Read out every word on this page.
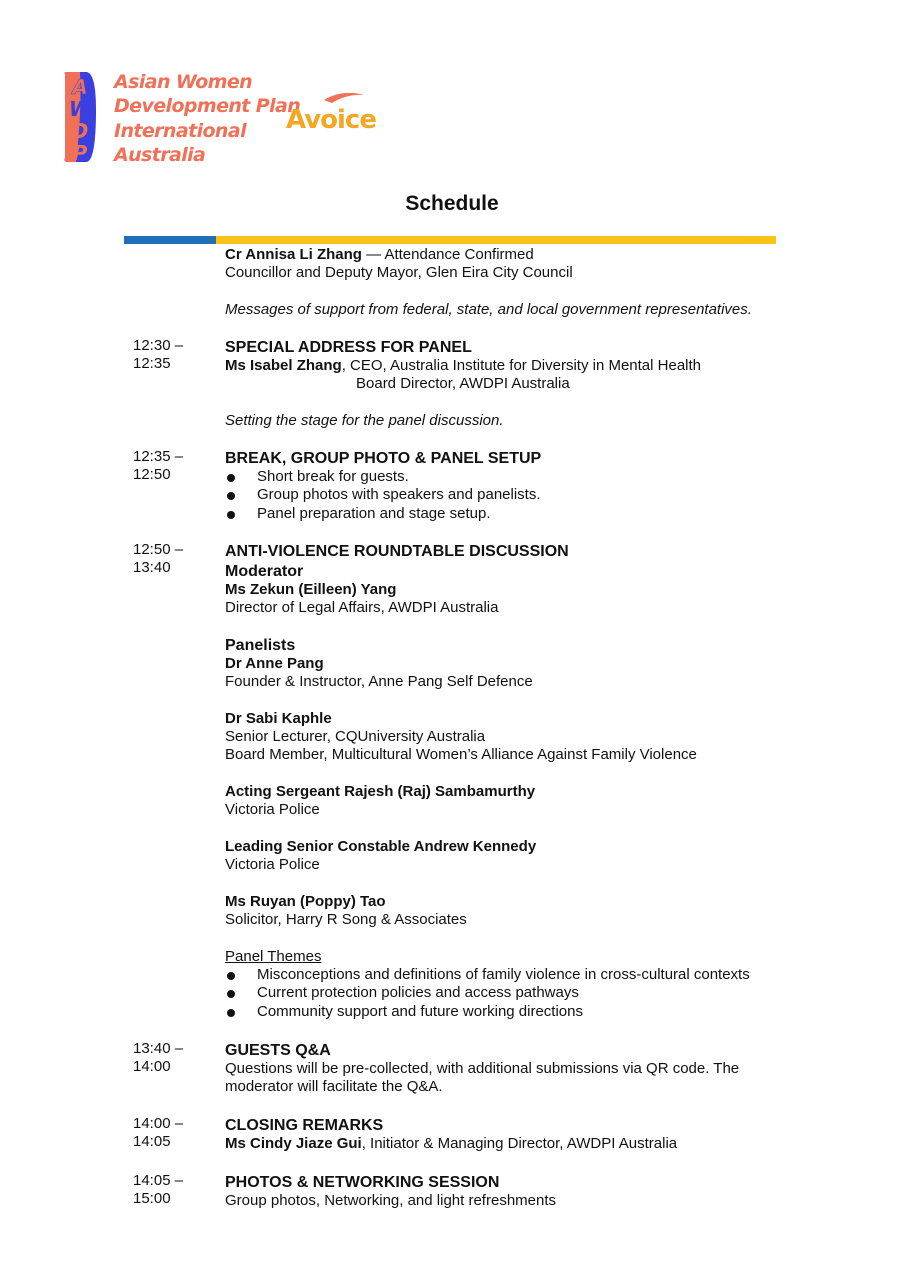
A
W
D
P
Asian Women
Development Plan
International
Australia
Avoice
Schedule
Cr Annisa Li Zhang — Attendance Confirmed
Councillor and Deputy Mayor, Glen Eira City Council
Messages of support from federal, state, and local government representatives.
12:30 –
12:35
SPECIAL ADDRESS FOR PANEL
Ms Isabel Zhang, CEO, Australia Institute for Diversity in Mental Health
Board Director, AWDPI Australia
Setting the stage for the panel discussion.
12:35 –
12:50
BREAK, GROUP PHOTO & PANEL SETUP
Short break for guests.
Group photos with speakers and panelists.
Panel preparation and stage setup.
12:50 –
13:40
ANTI-VIOLENCE ROUNDTABLE DISCUSSION
Moderator
Ms Zekun (Eilleen) Yang
Director of Legal Affairs, AWDPI Australia
Panelists
Dr Anne Pang
Founder & Instructor, Anne Pang Self Defence
Dr Sabi Kaphle
Senior Lecturer, CQUniversity Australia
Board Member, Multicultural Women’s Alliance Against Family Violence
Acting Sergeant Rajesh (Raj) Sambamurthy
Victoria Police
Leading Senior Constable Andrew Kennedy
Victoria Police
Ms Ruyan (Poppy) Tao
Solicitor, Harry R Song & Associates
Panel Themes
Misconceptions and definitions of family violence in cross-cultural contexts
Current protection policies and access pathways
Community support and future working directions
13:40 –
14:00
GUESTS Q&A
Questions will be pre-collected, with additional submissions via QR code. The
moderator will facilitate the Q&A.
14:00 –
14:05
CLOSING REMARKS
Ms Cindy Jiaze Gui, Initiator & Managing Director, AWDPI Australia
14:05 –
15:00
PHOTOS & NETWORKING SESSION
Group photos, Networking, and light refreshments
